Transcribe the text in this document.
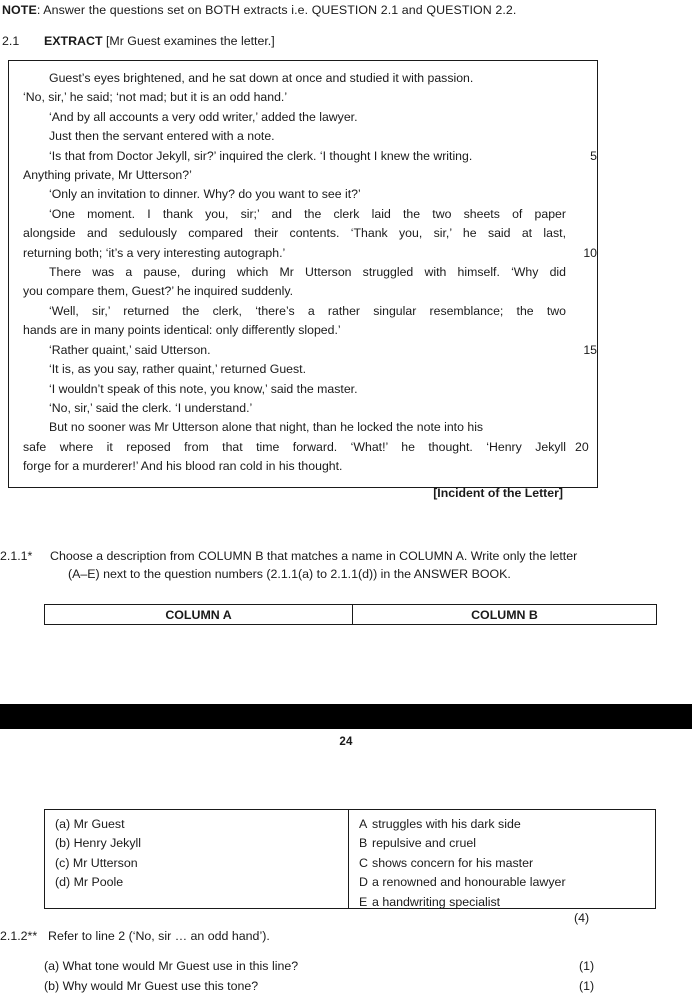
NOTE: Answer the questions set on BOTH extracts i.e. QUESTION 2.1 and QUESTION 2.2.
2.1 EXTRACT [Mr Guest examines the letter.]
Guest’s eyes brightened, and he sat down at once and studied it with passion.
‘No, sir,’ he said; ‘not mad; but it is an odd hand.’
‘And by all accounts a very odd writer,’ added the lawyer.
Just then the servant entered with a note.
‘Is that from Doctor Jekyll, sir?’ inquired the clerk. ‘I thought I knew the writing.	5
Anything private, Mr Utterson?’
‘Only an invitation to dinner. Why? do you want to see it?’
‘One moment. I thank you, sir;’ and the clerk laid the two sheets of paper
alongside and sedulously compared their contents. ‘Thank you, sir,’ he said at last,
returning both; ‘it’s a very interesting autograph.’	10
There was a pause, during which Mr Utterson struggled with himself. ‘Why did
you compare them, Guest?’ he inquired suddenly.
‘Well, sir,’ returned the clerk, ‘there’s a rather singular resemblance; the two
hands are in many points identical: only differently sloped.’
‘Rather quaint,’ said Utterson.	15
‘It is, as you say, rather quaint,’ returned Guest.
‘I wouldn’t speak of this note, you know,’ said the master.
‘No, sir,’ said the clerk. ‘I understand.’
But no sooner was Mr Utterson alone that night, than he locked the note into his
safe where it reposed from that time forward. ‘What!’ he thought. ‘Henry Jekyll 20
forge for a murderer!’ And his blood ran cold in his thought.
[Incident of the Letter]
2.1.1*	Choose a description from COLUMN B that matches a name in COLUMN A. Write only the letter
(A–E) next to the question numbers (2.1.1(a) to 2.1.1(d)) in the ANSWER BOOK.
COLUMN A	COLUMN B
24
(a) Mr Guest
(b) Henry Jekyll
(c) Mr Utterson
(d) Mr Poole
A struggles with his dark side
B repulsive and cruel
C shows concern for his master
D a renowned and honourable lawyer
E a handwriting specialist
(4)
2.1.2** Refer to line 2 (‘No, sir … an odd hand’).
(a) What tone would Mr Guest use in this line?	(1)
(b) Why would Mr Guest use this tone?	(1)
